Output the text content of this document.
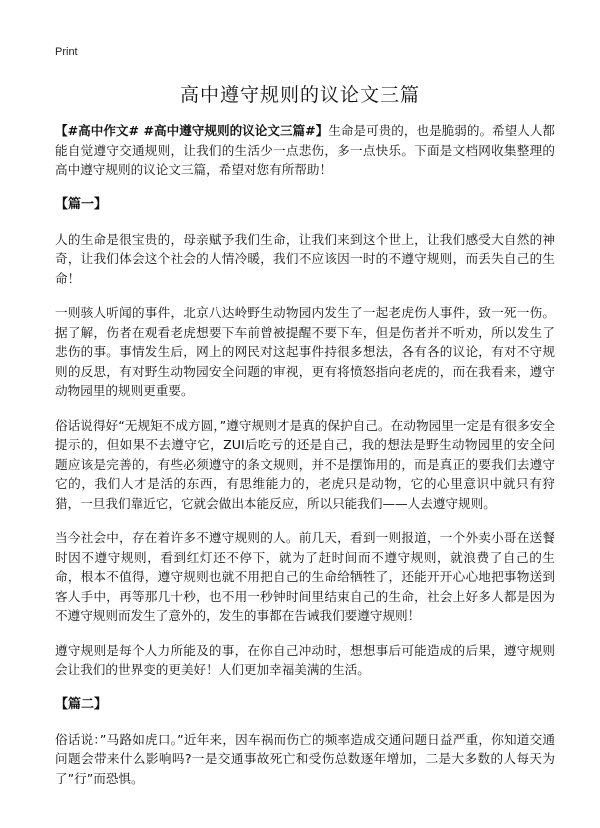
Print
高中遵守规则的议论文三篇

【#高中作文# #高中遵守规则的议论文三篇#】生命是可贵的，也是脆弱的。希望人人都能自觉遵守交通规则，让我们的生活少一点悲伤，多一点快乐。下面是文档网收集整理的高中遵守规则的议论文三篇，希望对您有所帮助！

【篇一】

人的生命是很宝贵的，母亲赋予我们生命，让我们来到这个世上，让我们感受大自然的神奇，让我们体会这个社会的人情冷暖，我们不应该因一时的不遵守规则，而丢失自己的生命！

一则骇人听闻的事件，北京八达岭野生动物园内发生了一起老虎伤人事件，致一死一伤。据了解，伤者在观看老虎想要下车前曾被提醒不要下车，但是伤者并不听劝，所以发生了悲伤的事。事情发生后，网上的网民对这起事件持很多想法，各有各的议论，有对不守规则的反思，有对野生动物园安全问题的审视，更有将愤怒指向老虎的，而在我看来，遵守动物园里的规则更重要。

俗话说得好“无规矩不成方圆，”遵守规则才是真的保护自己。在动物园里一定是有很多安全提示的，但如果不去遵守它，ZUI后吃亏的还是自己，我的想法是野生动物园里的安全问题应该是完善的，有些必须遵守的条文规则，并不是摆饰用的，而是真正的要我们去遵守它的，我们人才是活的东西，有思维能力的，老虎只是动物，它的心里意识中就只有狩猎，一旦我们靠近它，它就会做出本能反应，所以只能我们——人去遵守规则。

当今社会中，存在着许多不遵守规则的人。前几天，看到一则报道，一个外卖小哥在送餐时因不遵守规则，看到红灯还不停下，就为了赶时间而不遵守规则，就浪费了自己的生命，根本不值得，遵守规则也就不用把自己的生命给牺牲了，还能开开心心地把事物送到客人手中，再等那几十秒，也不用一秒钟时间里结束自己的生命，社会上好多人都是因为不遵守规则而发生了意外的，发生的事都在告诫我们要遵守规则！

遵守规则是每个人力所能及的事，在你自己冲动时，想想事后可能造成的后果，遵守规则会让我们的世界变的更美好！人们更加幸福美满的生活。

【篇二】

俗话说：”马路如虎口。”近年来，因车祸而伤亡的频率造成交通问题日益严重，你知道交通问题会带来什么影响吗?一是交通事故死亡和受伤总数逐年增加，二是大多数的人每天为了”行”而恐惧。
